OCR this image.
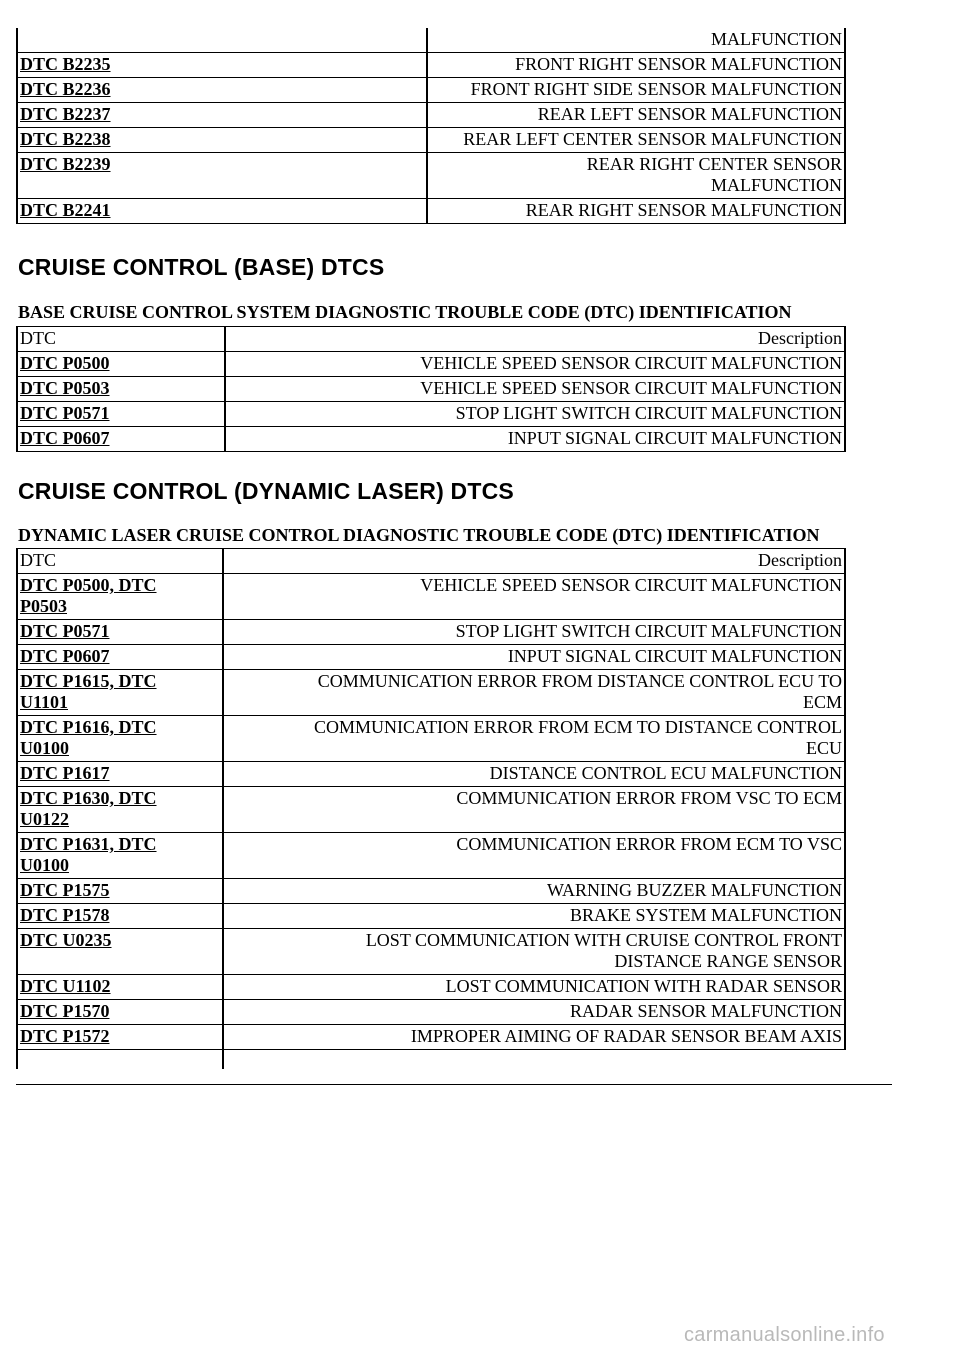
	MALFUNCTION
DTC B2235	FRONT RIGHT SENSOR MALFUNCTION
DTC B2236	FRONT RIGHT SIDE SENSOR MALFUNCTION
DTC B2237	REAR LEFT SENSOR MALFUNCTION
DTC B2238	REAR LEFT CENTER SENSOR MALFUNCTION
DTC B2239	REAR RIGHT CENTER SENSOR
MALFUNCTION
DTC B2241	REAR RIGHT SENSOR MALFUNCTION
CRUISE CONTROL (BASE) DTCS
BASE CRUISE CONTROL SYSTEM DIAGNOSTIC TROUBLE CODE (DTC) IDENTIFICATION
DTC	Description
DTC P0500	VEHICLE SPEED SENSOR CIRCUIT MALFUNCTION
DTC P0503	VEHICLE SPEED SENSOR CIRCUIT MALFUNCTION
DTC P0571	STOP LIGHT SWITCH CIRCUIT MALFUNCTION
DTC P0607	INPUT SIGNAL CIRCUIT MALFUNCTION
CRUISE CONTROL (DYNAMIC LASER) DTCS
DYNAMIC LASER CRUISE CONTROL DIAGNOSTIC TROUBLE CODE (DTC) IDENTIFICATION
DTC	Description
DTC P0500, DTC
P0503	VEHICLE SPEED SENSOR CIRCUIT MALFUNCTION
DTC P0571	STOP LIGHT SWITCH CIRCUIT MALFUNCTION
DTC P0607	INPUT SIGNAL CIRCUIT MALFUNCTION
DTC P1615, DTC
U1101	COMMUNICATION ERROR FROM DISTANCE CONTROL ECU TO
ECM
DTC P1616, DTC
U0100	COMMUNICATION ERROR FROM ECM TO DISTANCE CONTROL
ECU
DTC P1617	DISTANCE CONTROL ECU MALFUNCTION
DTC P1630, DTC
U0122	COMMUNICATION ERROR FROM VSC TO ECM
DTC P1631, DTC
U0100	COMMUNICATION ERROR FROM ECM TO VSC
DTC P1575	WARNING BUZZER MALFUNCTION
DTC P1578	BRAKE SYSTEM MALFUNCTION
DTC U0235	LOST COMMUNICATION WITH CRUISE CONTROL FRONT
DISTANCE RANGE SENSOR
DTC U1102	LOST COMMUNICATION WITH RADAR SENSOR
DTC P1570	RADAR SENSOR MALFUNCTION
DTC P1572	IMPROPER AIMING OF RADAR SENSOR BEAM AXIS

carmanualsonline.info
